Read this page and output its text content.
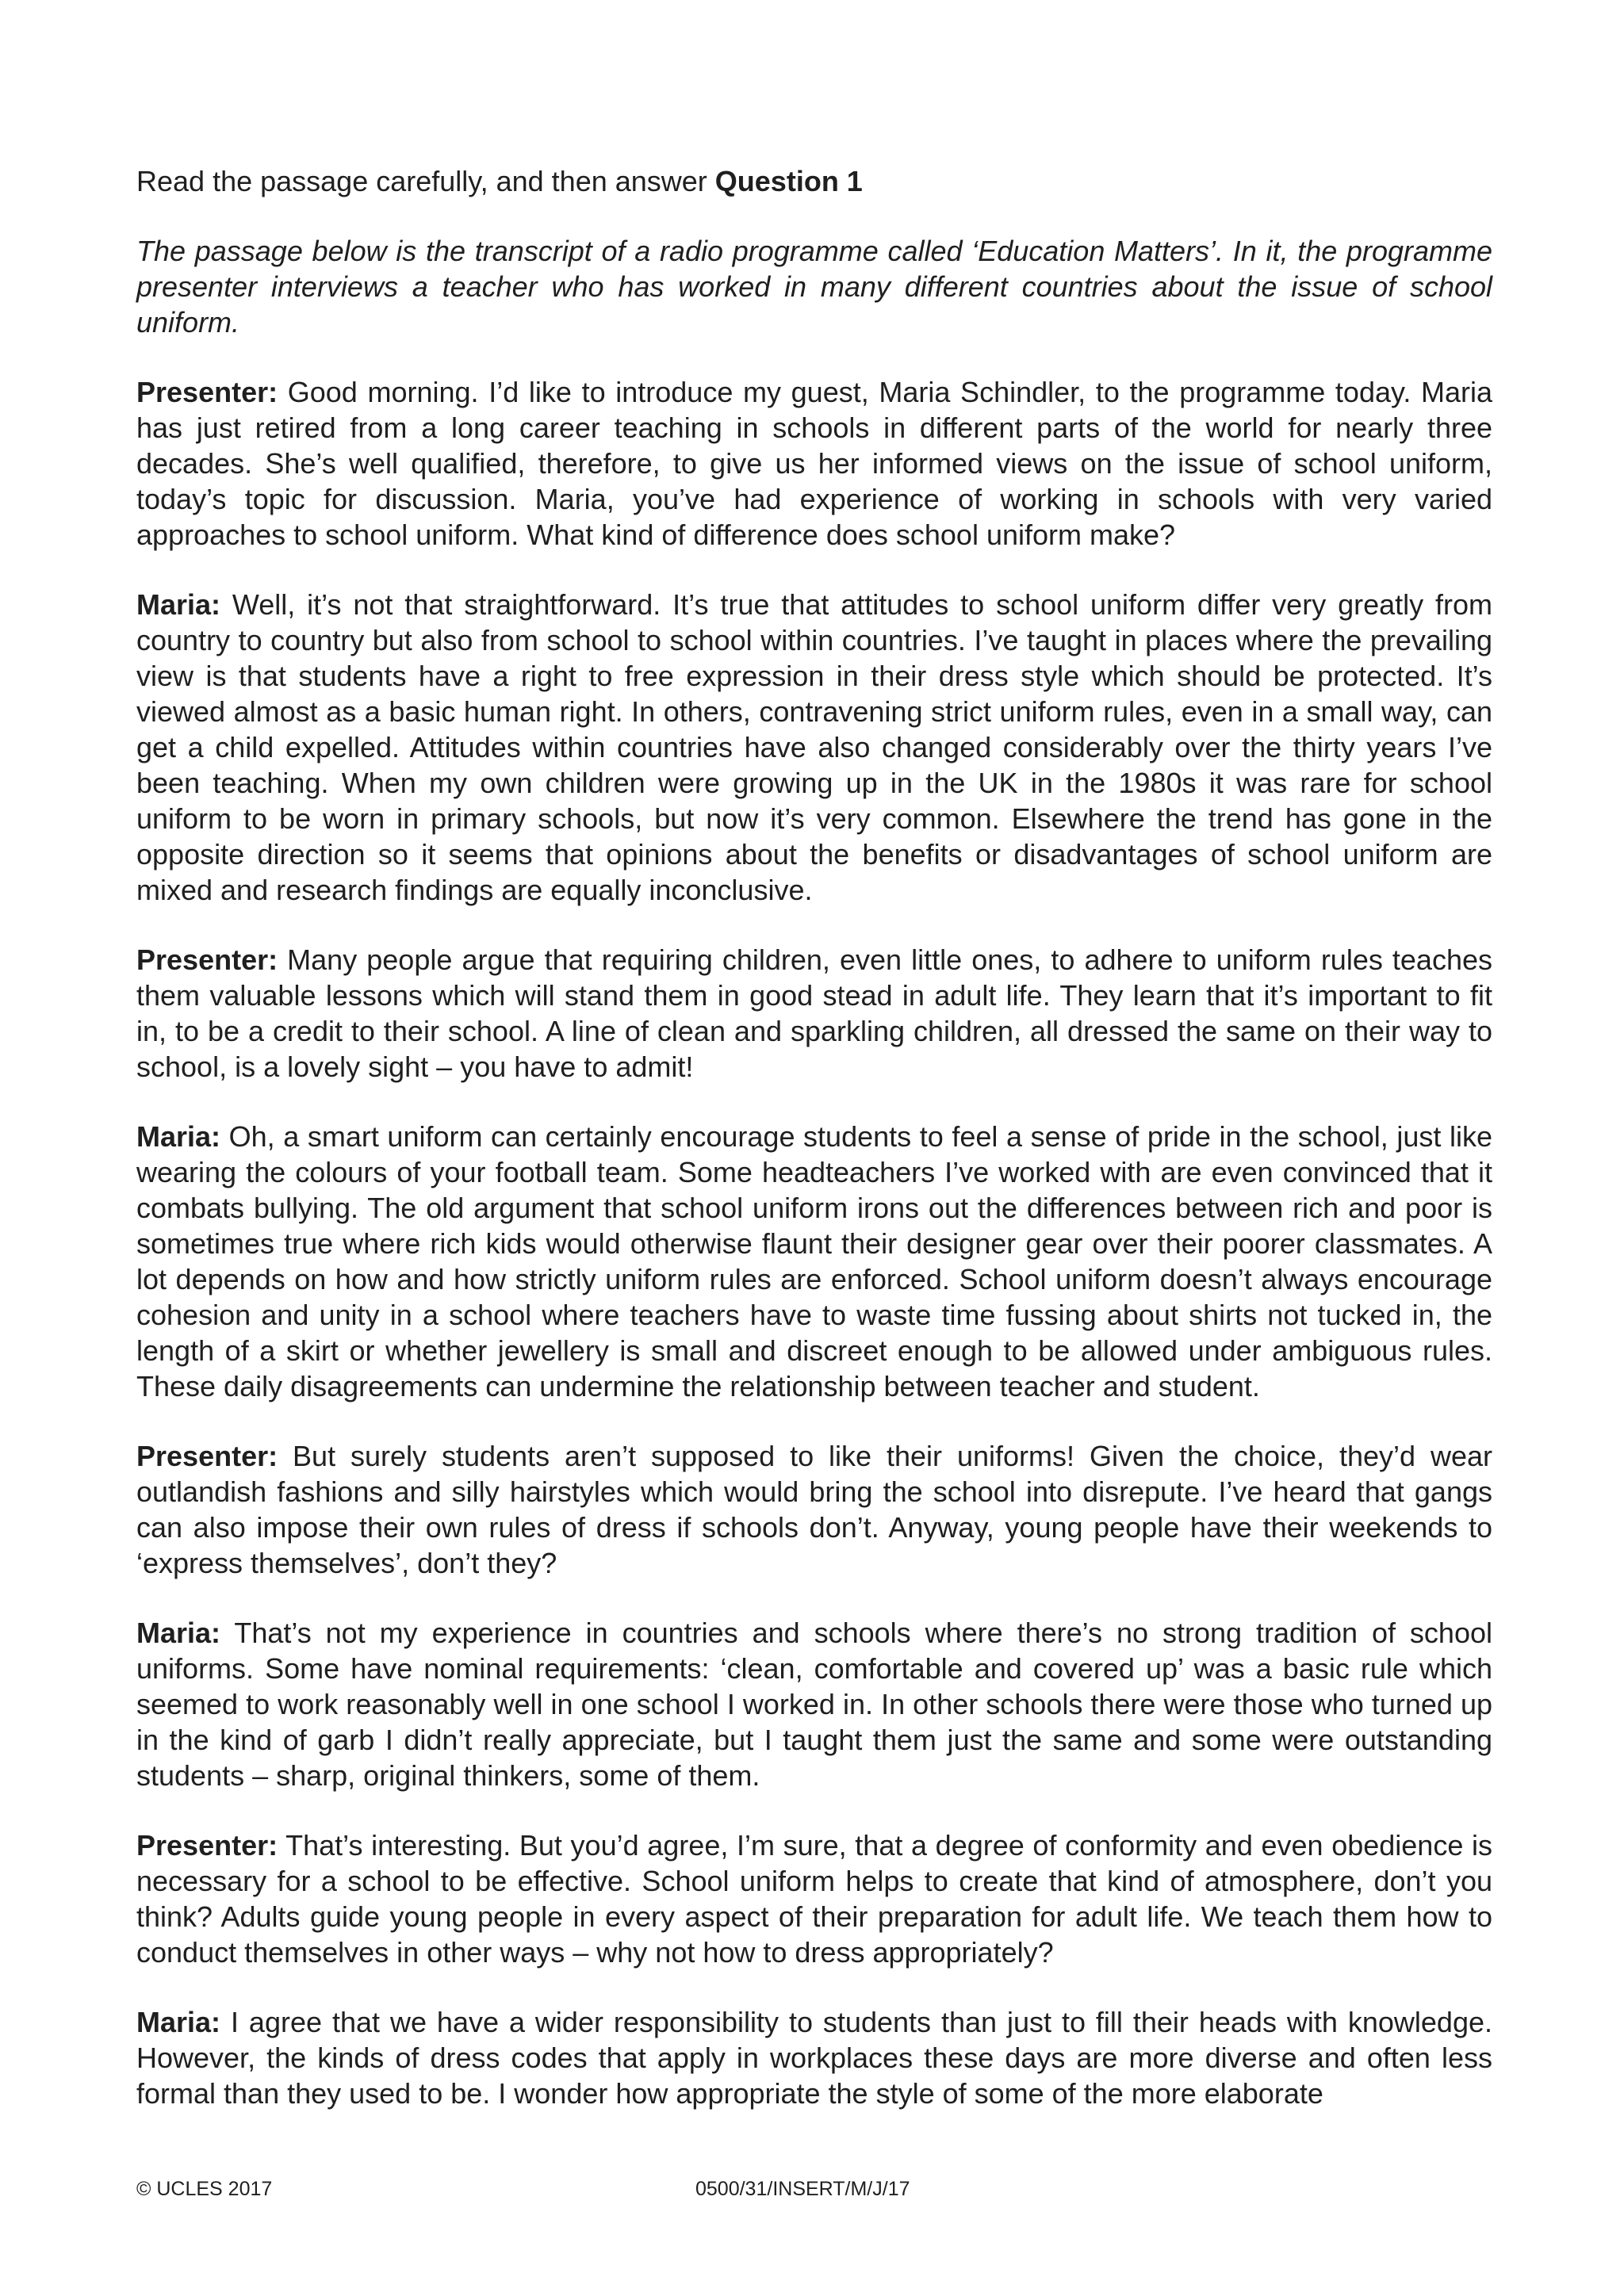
Read the passage carefully, and then answer Question 1

The passage below is the transcript of a radio programme called ‘Education Matters’. In it, the programme presenter interviews a teacher who has worked in many different countries about the issue of school uniform.

Presenter: Good morning. I’d like to introduce my guest, Maria Schindler, to the programme today. Maria has just retired from a long career teaching in schools in different parts of the world for nearly three decades. She’s well qualified, therefore, to give us her informed views on the issue of school uniform, today’s topic for discussion. Maria, you’ve had experience of working in schools with very varied approaches to school uniform. What kind of difference does school uniform make?

Maria: Well, it’s not that straightforward. It’s true that attitudes to school uniform differ very greatly from country to country but also from school to school within countries. I’ve taught in places where the prevailing view is that students have a right to free expression in their dress style which should be protected. It’s viewed almost as a basic human right. In others, contravening strict uniform rules, even in a small way, can get a child expelled. Attitudes within countries have also changed considerably over the thirty years I’ve been teaching. When my own children were growing up in the UK in the 1980s it was rare for school uniform to be worn in primary schools, but now it’s very common. Elsewhere the trend has gone in the opposite direction so it seems that opinions about the benefits or disadvantages of school uniform are mixed and research findings are equally inconclusive.

Presenter: Many people argue that requiring children, even little ones, to adhere to uniform rules teaches them valuable lessons which will stand them in good stead in adult life. They learn that it’s important to fit in, to be a credit to their school. A line of clean and sparkling children, all dressed the same on their way to school, is a lovely sight – you have to admit!

Maria: Oh, a smart uniform can certainly encourage students to feel a sense of pride in the school, just like wearing the colours of your football team. Some headteachers I’ve worked with are even convinced that it combats bullying. The old argument that school uniform irons out the differences between rich and poor is sometimes true where rich kids would otherwise flaunt their designer gear over their poorer classmates. A lot depends on how and how strictly uniform rules are enforced. School uniform doesn’t always encourage cohesion and unity in a school where teachers have to waste time fussing about shirts not tucked in, the length of a skirt or whether jewellery is small and discreet enough to be allowed under ambiguous rules. These daily disagreements can undermine the relationship between teacher and student.

Presenter: But surely students aren’t supposed to like their uniforms! Given the choice, they’d wear outlandish fashions and silly hairstyles which would bring the school into disrepute. I’ve heard that gangs can also impose their own rules of dress if schools don’t. Anyway, young people have their weekends to ‘express themselves’, don’t they?

Maria: That’s not my experience in countries and schools where there’s no strong tradition of school uniforms. Some have nominal requirements: ‘clean, comfortable and covered up’ was a basic rule which seemed to work reasonably well in one school I worked in. In other schools there were those who turned up in the kind of garb I didn’t really appreciate, but I taught them just the same and some were outstanding students – sharp, original thinkers, some of them.

Presenter: That’s interesting. But you’d agree, I’m sure, that a degree of conformity and even obedience is necessary for a school to be effective. School uniform helps to create that kind of atmosphere, don’t you think? Adults guide young people in every aspect of their preparation for adult life. We teach them how to conduct themselves in other ways – why not how to dress appropriately?

Maria: I agree that we have a wider responsibility to students than just to fill their heads with knowledge. However, the kinds of dress codes that apply in workplaces these days are more diverse and often less formal than they used to be. I wonder how appropriate the style of some of the more elaborate

© UCLES 2017	0500/31/INSERT/M/J/17
